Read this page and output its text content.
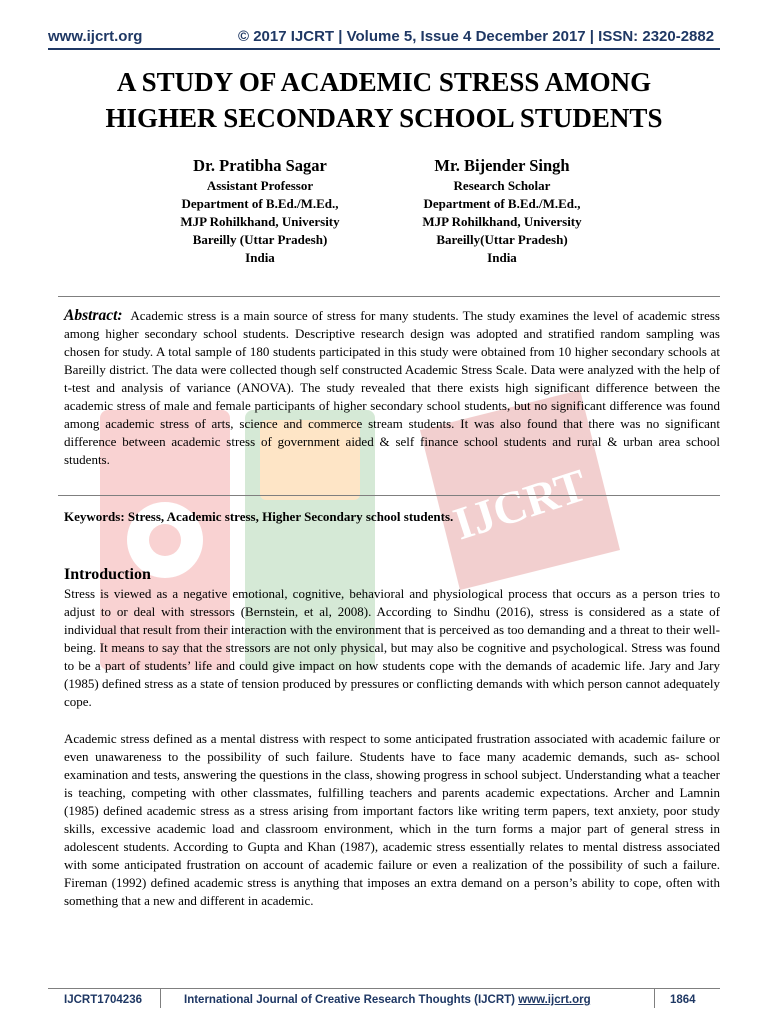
www.ijcrt.org	© 2017 IJCRT | Volume 5, Issue 4 December 2017 | ISSN: 2320-2882
A STUDY OF ACADEMIC STRESS AMONG
HIGHER SECONDARY SCHOOL STUDENTS
Dr. Pratibha Sagar
Assistant Professor
Department of B.Ed./M.Ed.,
MJP Rohilkhand, University
Bareilly (Uttar Pradesh)
India
Mr. Bijender Singh
Research Scholar
Department of B.Ed./M.Ed.,
MJP Rohilkhand, University
Bareilly(Uttar Pradesh)
India
IJCRT
Abstract: Academic stress is a main source of stress for many students. The study examines the level of academic stress among higher secondary school students. Descriptive research design was adopted and stratified random sampling was chosen for study. A total sample of 180 students participated in this study were obtained from 10 higher secondary schools at Bareilly district. The data were collected though self constructed Academic Stress Scale. Data were analyzed with the help of t-test and analysis of variance (ANOVA). The study revealed that there exists high significant difference between the academic stress of male and female participants of higher secondary school students, but no significant difference was found among academic stress of arts, science and commerce stream students. It was also found that there was no significant difference between academic stress of government aided & self finance school students and rural & urban area school students.
Keywords: Stress, Academic stress, Higher Secondary school students.
Introduction
Stress is viewed as a negative emotional, cognitive, behavioral and physiological process that occurs as a person tries to adjust to or deal with stressors (Bernstein, et al, 2008). According to Sindhu (2016), stress is considered as a state of individual that result from their interaction with the environment that is perceived as too demanding and a threat to their well-being. It means to say that the stressors are not only physical, but may also be cognitive and psychological. Stress was found to be a part of students’ life and could give impact on how students cope with the demands of academic life. Jary and Jary (1985) defined stress as a state of tension produced by pressures or conflicting demands with which person cannot adequately cope.
Academic stress defined as a mental distress with respect to some anticipated frustration associated with academic failure or even unawareness to the possibility of such failure. Students have to face many academic demands, such as- school examination and tests, answering the questions in the class, showing progress in school subject. Understanding what a teacher is teaching, competing with other classmates, fulfilling teachers and parents academic expectations. Archer and Lamnin (1985) defined academic stress as a stress arising from important factors like writing term papers, text anxiety, poor study skills, excessive academic load and classroom environment, which in the turn forms a major part of general stress in adolescent students. According to Gupta and Khan (1987), academic stress essentially relates to mental distress associated with some anticipated frustration on account of academic failure or even a realization of the possibility of such a failure. Fireman (1992) defined academic stress is anything that imposes an extra demand on a person’s ability to cope, often with something that a new and different in academic.
IJCRT1704236	International Journal of Creative Research Thoughts (IJCRT) www.ijcrt.org	1864
